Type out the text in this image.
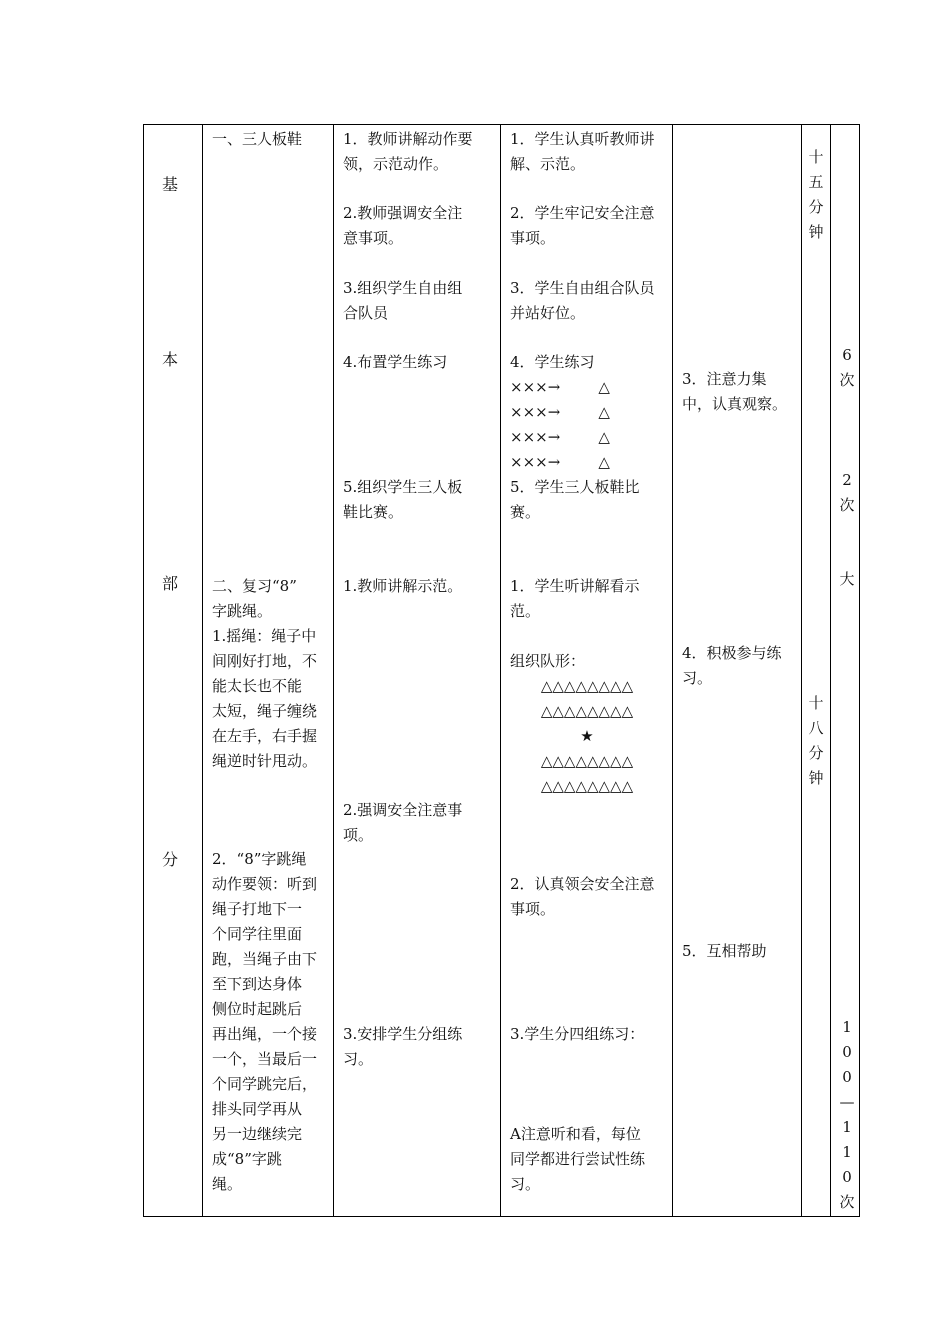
基
本
部
分
一、三人板鞋
二、复习“8”
字跳绳。
1.摇绳：绳子中
间刚好打地，不
能太长也不能
太短，绳子缠绕
在左手，右手握
绳逆时针甩动。
2．“8”字跳绳
动作要领：听到
绳子打地下一
个同学往里面
跑，当绳子由下
至下到达身体
侧位时起跳后
再出绳，一个接
一个，当最后一
个同学跳完后，
排头同学再从
另一边继续完
成“8”字跳
绳。
1．教师讲解动作要
领，示范动作。
2.教师强调安全注
意事项。
3.组织学生自由组
合队员
4.布置学生练习
5.组织学生三人板
鞋比赛。
1.教师讲解示范。
2.强调安全注意事
项。
3.安排学生分组练
习。
1．学生认真听教师讲
解、示范。
2．学生牢记安全注意
事项。
3．学生自由组合队员
并站好位。
4．学生练习
×××→        △
×××→        △
×××→        △
×××→        △
5．学生三人板鞋比
赛。
1．学生听讲解看示
范。
组织队形：
△△△△△△△△
△△△△△△△△
★
△△△△△△△△
△△△△△△△△
2．认真领会安全注意
事项。
3.学生分四组练习：
A注意听和看，每位
同学都进行尝试性练
习。
3．注意力集
中，认真观察。
4．积极参与练
习。
5．互相帮助
十
五
分
钟
十
八
分
钟
6
次
2
次
大
1
0
0
—
1
1
0
次
